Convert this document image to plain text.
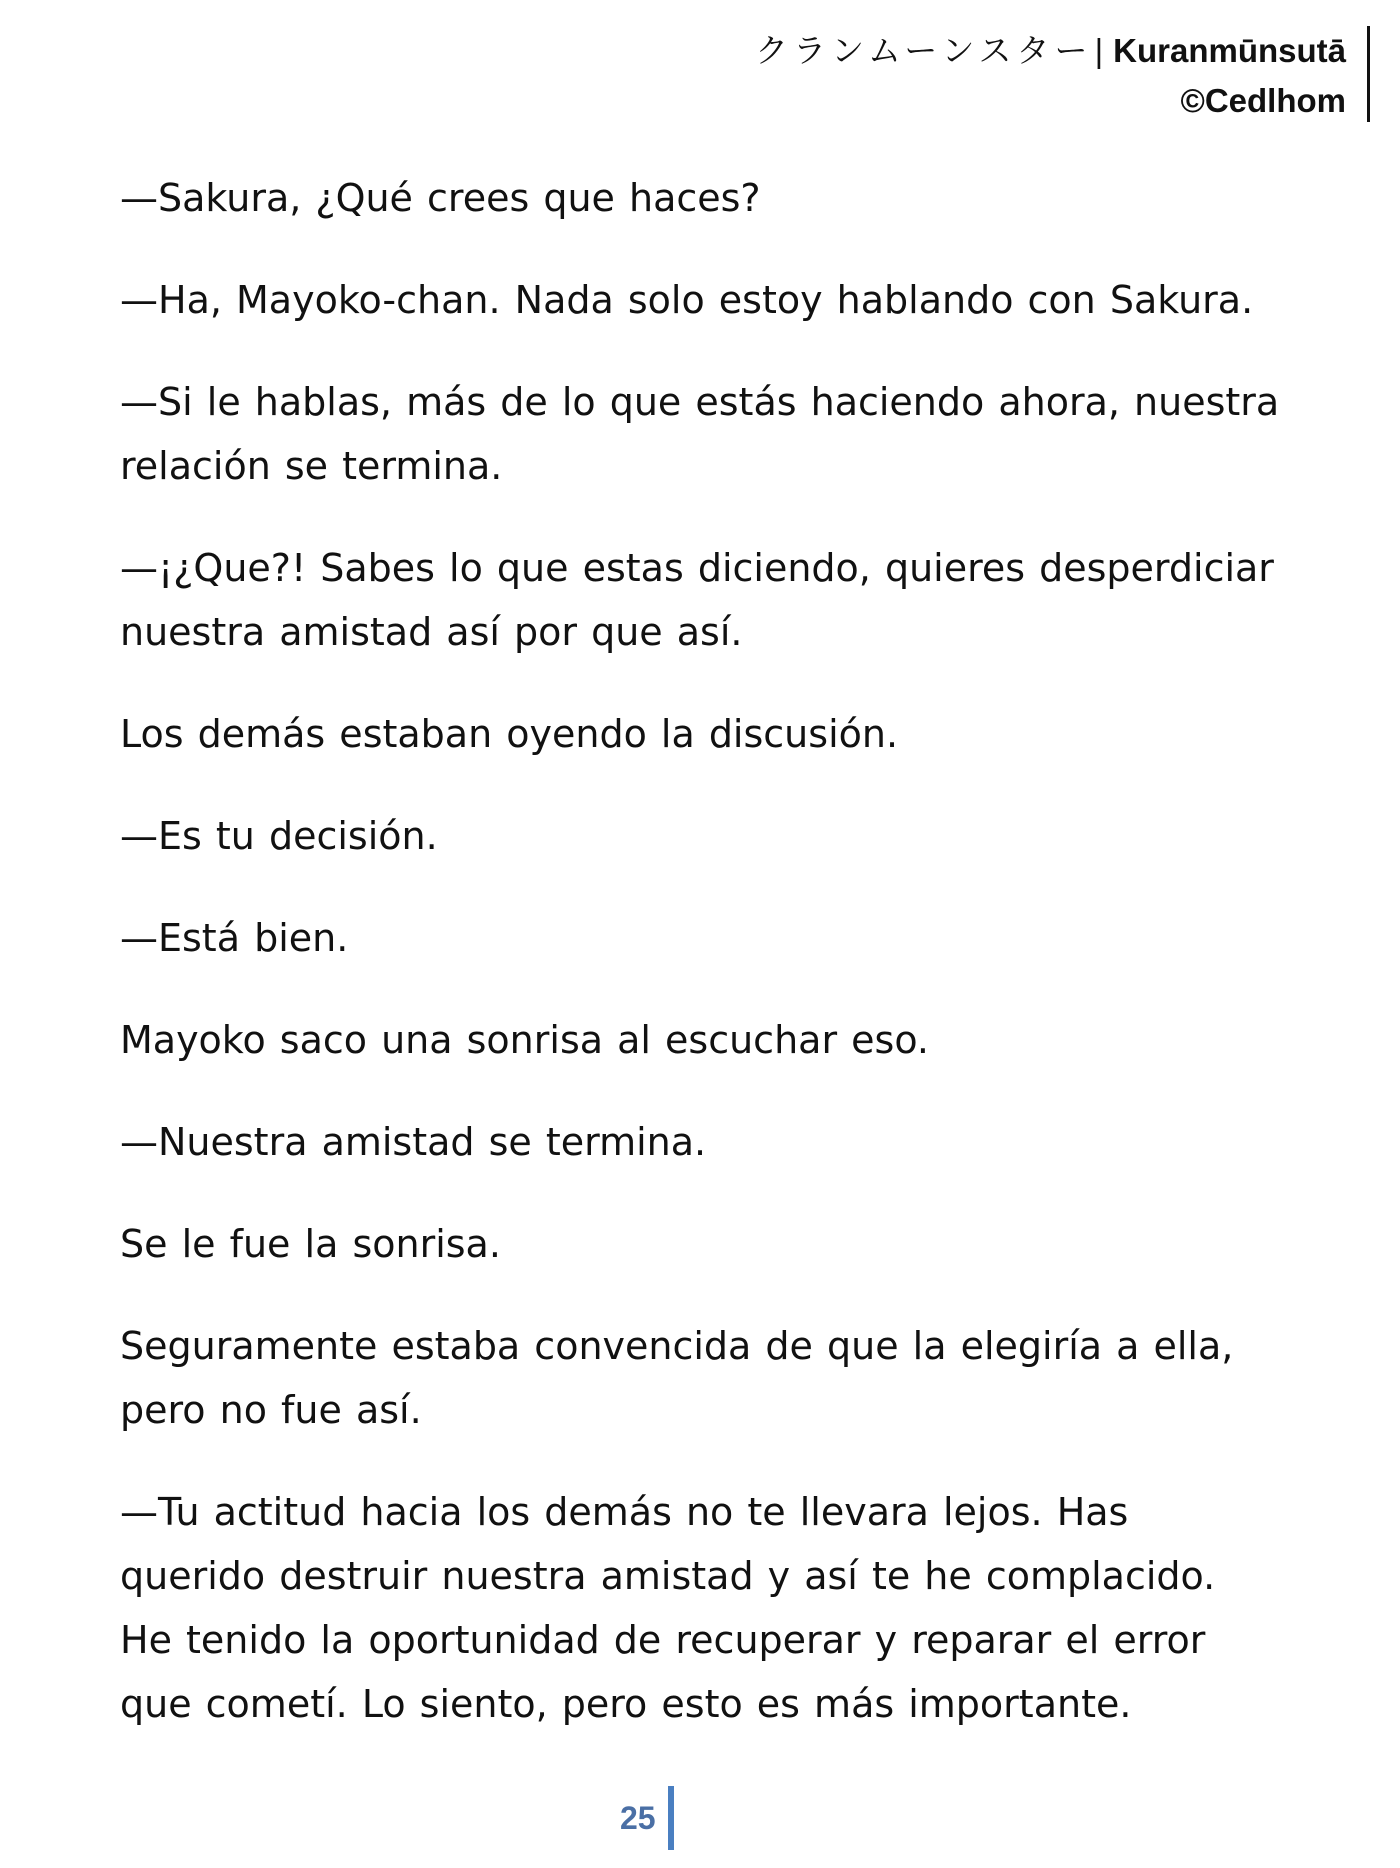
クランムーンスター| Kuranmūnsutā
©Cedlhom

—Sakura, ¿Qué crees que haces?

—Ha, Mayoko-chan. Nada solo estoy hablando con Sakura.

—Si le hablas, más de lo que estás haciendo ahora, nuestra relación se termina.

—¡¿Que?! Sabes lo que estas diciendo, quieres desperdiciar nuestra amistad así por que así.

Los demás estaban oyendo la discusión.

—Es tu decisión.

—Está bien.

Mayoko saco una sonrisa al escuchar eso.

—Nuestra amistad se termina.

Se le fue la sonrisa.

Seguramente estaba convencida de que la elegiría a ella, pero no fue así.

—Tu actitud hacia los demás no te llevara lejos. Has querido destruir nuestra amistad y así te he complacido. He tenido la oportunidad de recuperar y reparar el error que cometí. Lo siento, pero esto es más importante.

25
